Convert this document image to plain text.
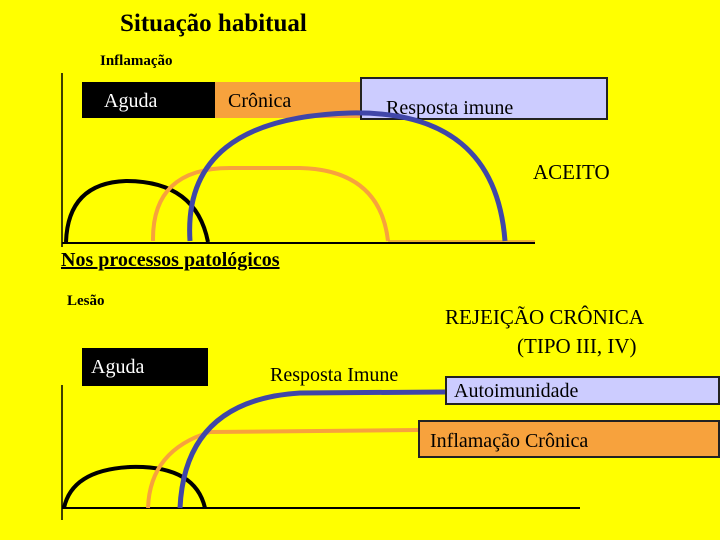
Situação habitual
Inflamação
Aguda	Crônica	Resposta imune
ACEITO
Nos processos patológicos
Lesão
Aguda	Resposta Imune
REJEIÇÃO CRÔNICA
(TIPO III, IV)
Autoimunidade
Inflamação Crônica
